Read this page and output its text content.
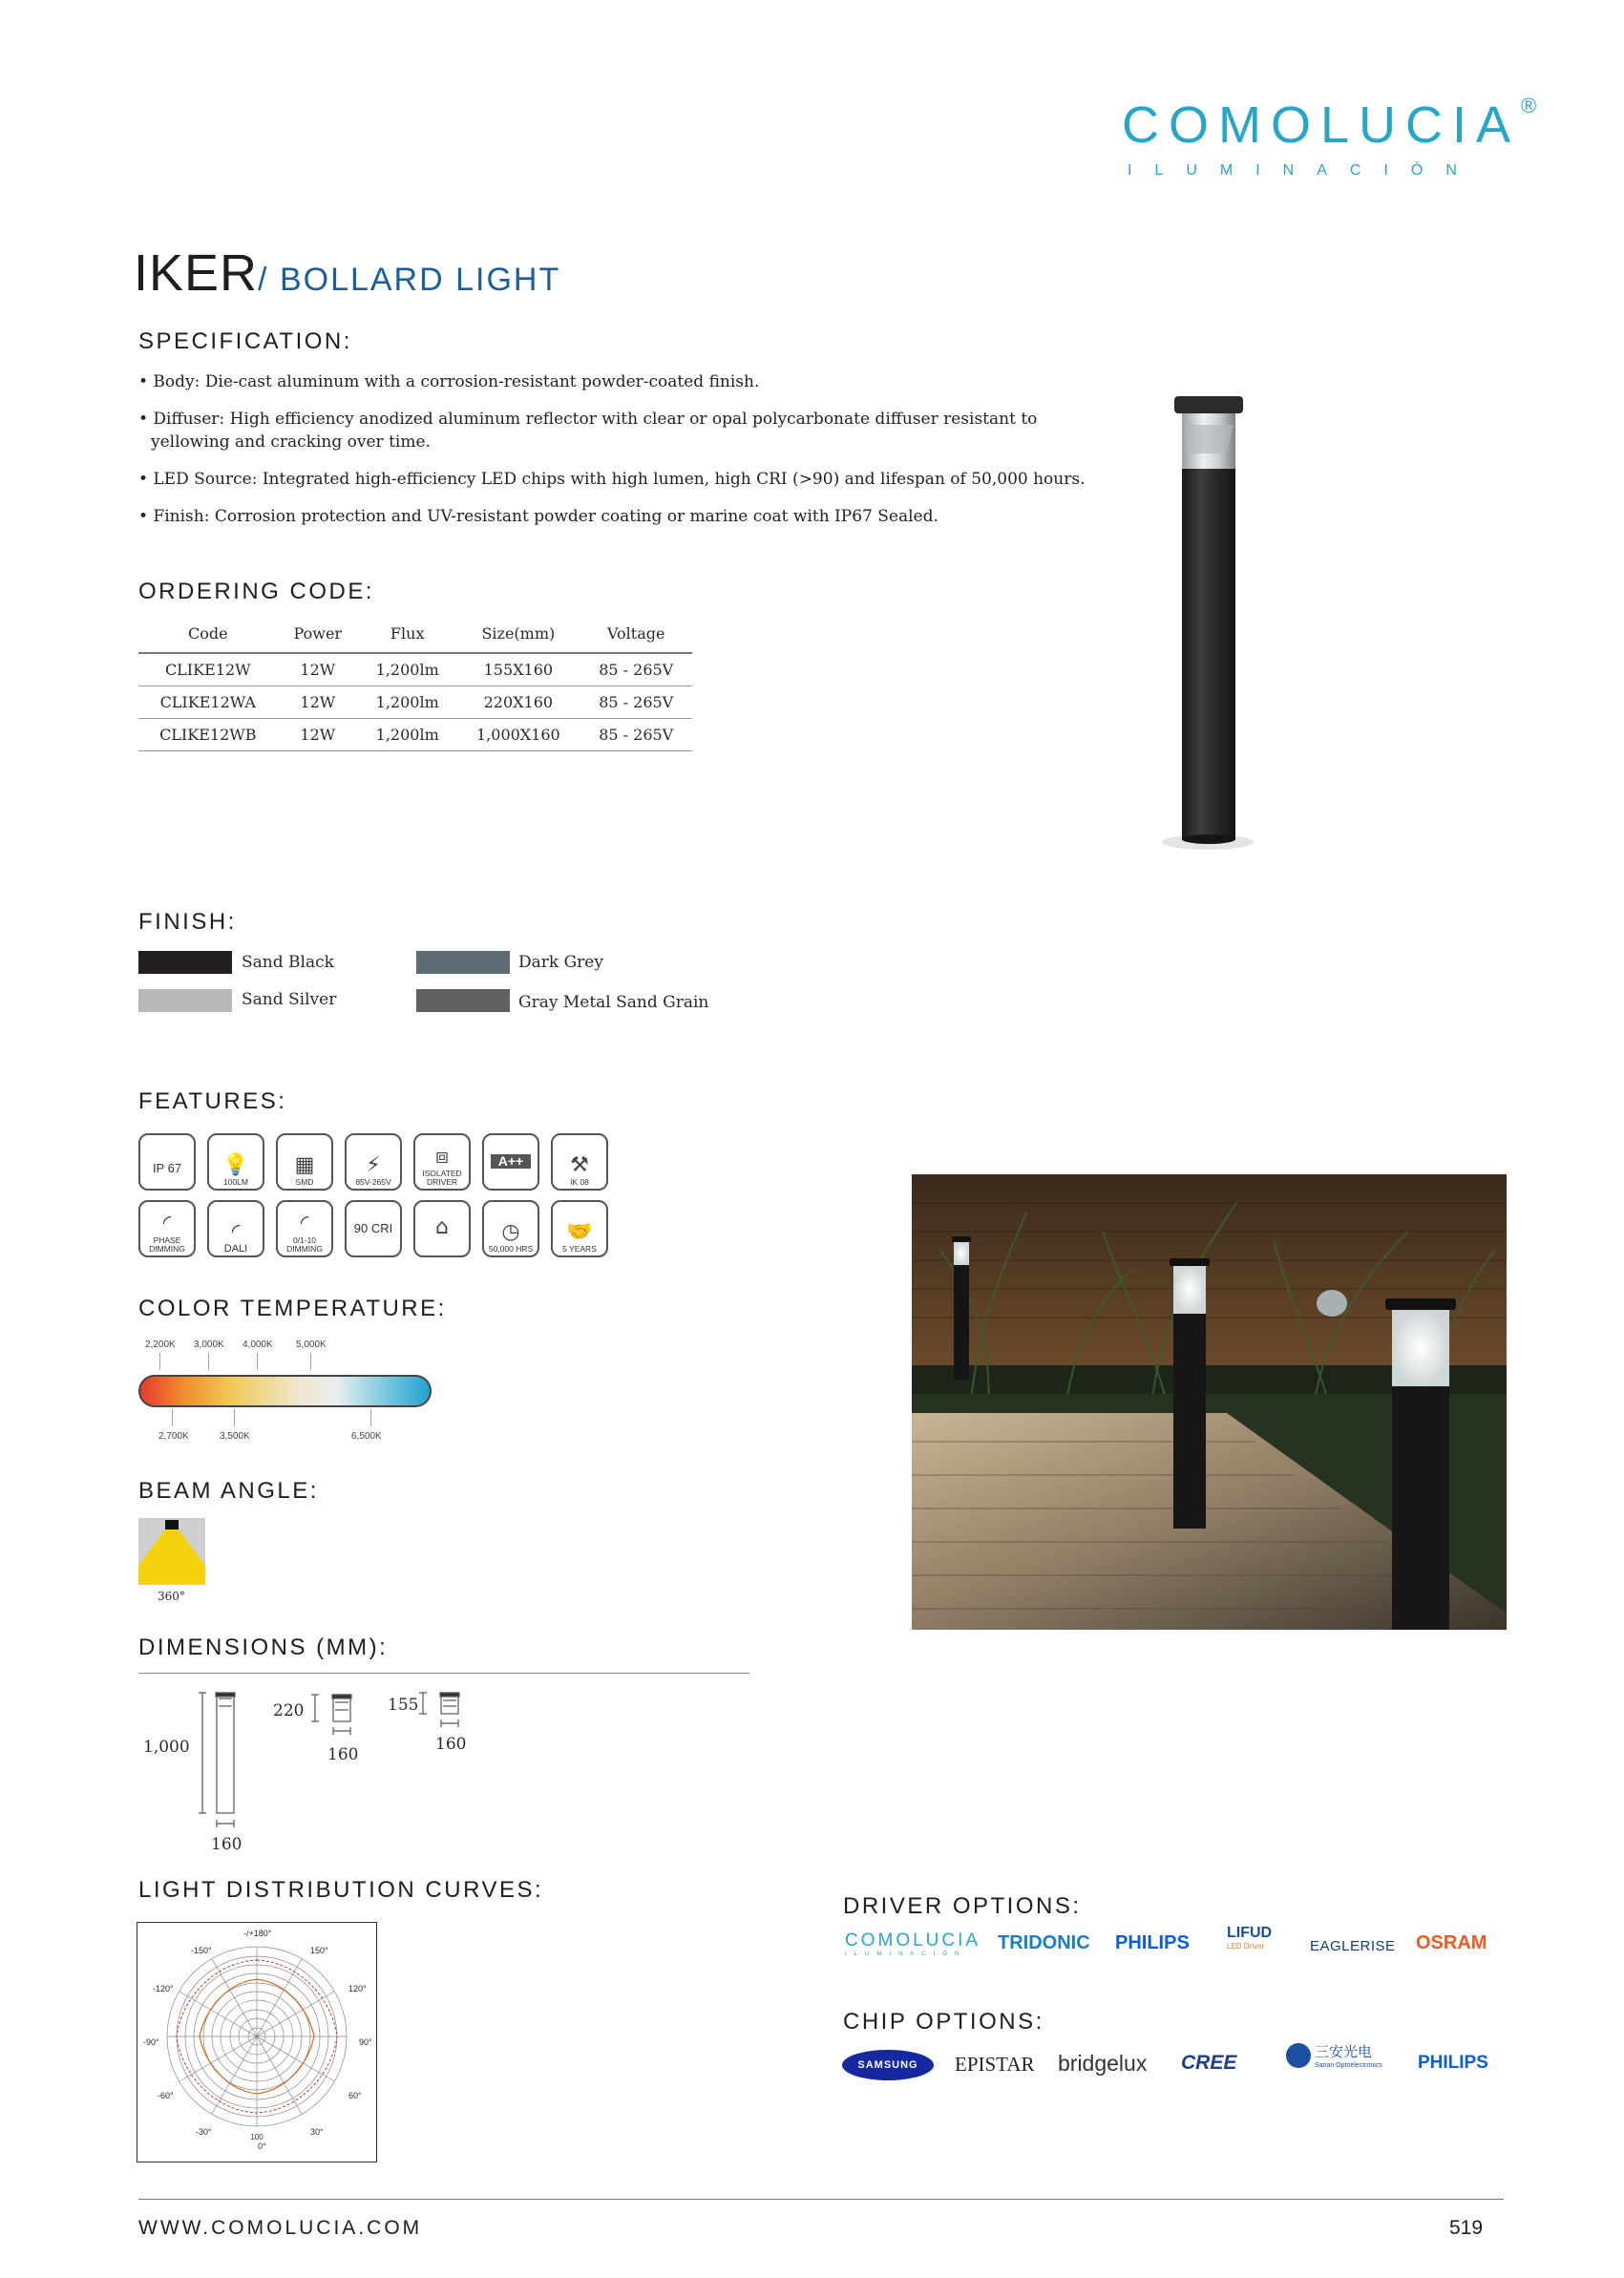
COMOLUCIA ®
ILUMINACIÓN
IKER/ BOLLARD LIGHT
SPECIFICATION:
• Body: Die-cast aluminum with a corrosion-resistant powder-coated finish.
• Diffuser: High efficiency anodized aluminum reflector with clear or opal polycarbonate diffuser resistant to
yellowing and cracking over time.
• LED Source: Integrated high-efficiency LED chips with high lumen, high CRI (>90) and lifespan of 50,000 hours.
• Finish: Corrosion protection and UV-resistant powder coating or marine coat with IP67 Sealed.
ORDERING CODE:
Code	Power	Flux	Size(mm)	Voltage
CLIKE12W	12W	1,200lm	155X160	85 - 265V
CLIKE12WA	12W	1,200lm	220X160	85 - 265V
CLIKE12WB	12W	1,200lm	1,000X160	85 - 265V
FINISH:
Sand Black	Dark Grey
Sand Silver	Gray Metal Sand Grain
FEATURES:
IP 67 💡
100LM
▦
SMD
⚡
85V-265V
⧈
ISOLATED DRIVER
A++	⚒
IK 08
◜
PHASE DIMMING
◜
DALI
◜
0/1-10 DIMMING
90 CRI ⌂	◷
50,000 HRS
🤝
5 YEARS
COLOR TEMPERATURE:
2,200K 3,000K 4,000K 5,000K
2,700K	3,500K	6,500K
BEAM ANGLE:
360°
DIMENSIONS (MM):
1,000
160
220
160
155
160
LIGHT DISTRIBUTION CURVES:
100
-/+180°
-150°	150°
-120°	120°
-90°	90°
-60°	60°
-30°	30°
0°
DRIVER OPTIONS:
COMOLUCIA
ILUMINACIÓN
TRIDONIC PHILIPS LIFUD
LED Driver	EAGLERISE OSRAM
CHIP OPTIONS:
SAMSUNG EPISTAR bridgelux CREE	三安光电
Sanan Optoelectronics PHILIPS
WWW.COMOLUCIA.COM	519
